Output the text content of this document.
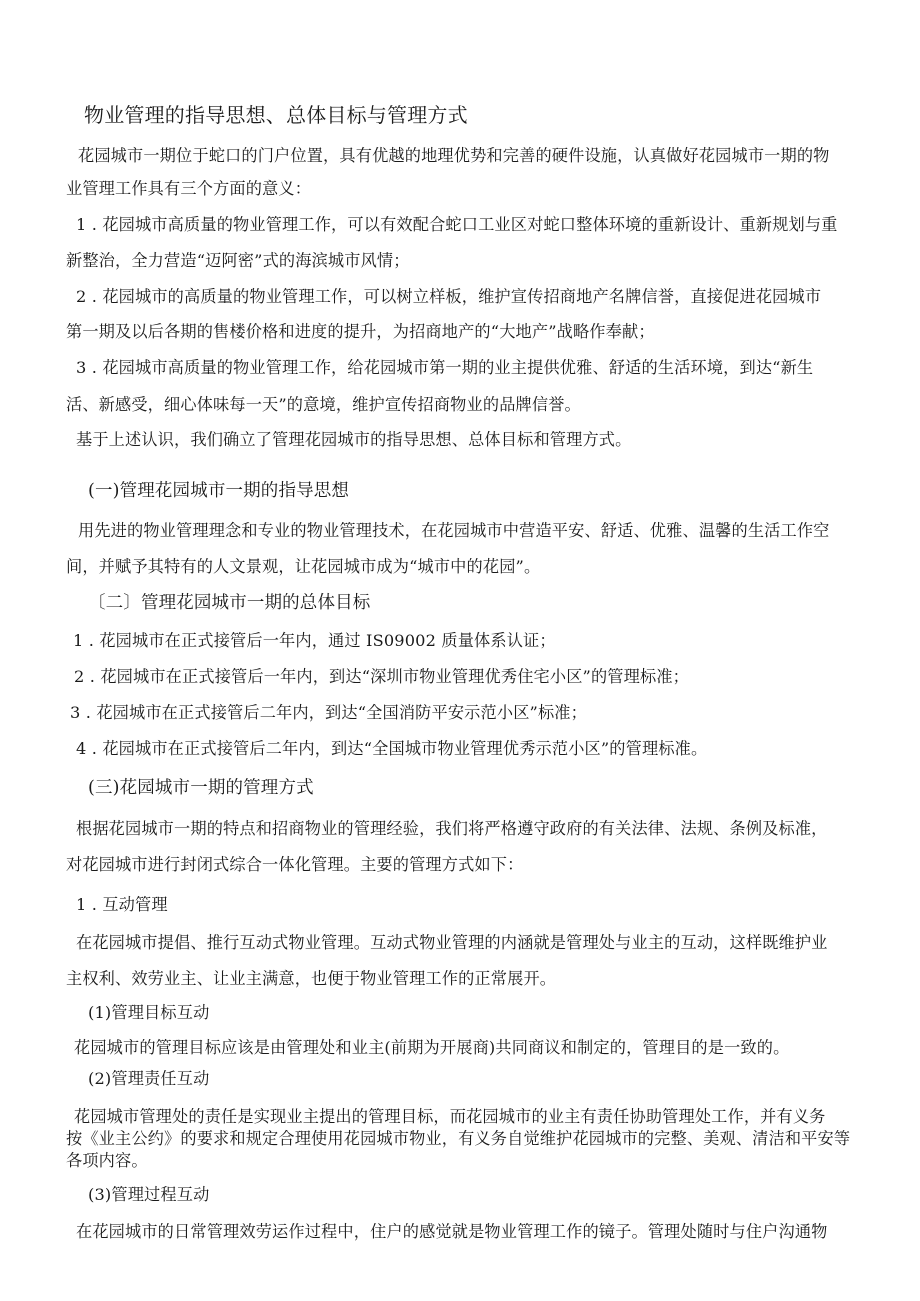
物业管理的指导思想、总体目标与管理方式
花园城市一期位于蛇口的门户位置，具有优越的地理优势和完善的硬件设施，认真做好花园城市一期的物
业管理工作具有三个方面的意义：
1 . 花园城市高质量的物业管理工作，可以有效配合蛇口工业区对蛇口整体环境的重新设计、重新规划与重
新整治，全力营造“迈阿密”式的海滨城市风情；
2 . 花园城市的高质量的物业管理工作，可以树立样板，维护宣传招商地产名牌信誉，直接促进花园城市
第一期及以后各期的售楼价格和进度的提升，为招商地产的“大地产”战略作奉献；
3 . 花园城市高质量的物业管理工作，给花园城市第一期的业主提供优雅、舒适的生活环境，到达“新生
活、新感受，细心体味每一天”的意境，维护宣传招商物业的品牌信誉。
基于上述认识，我们确立了管理花园城市的指导思想、总体目标和管理方式。
(一)管理花园城市一期的指导思想
用先进的物业管理理念和专业的物业管理技术，在花园城市中营造平安、舒适、优雅、温馨的生活工作空
间，并赋予其特有的人文景观，让花园城市成为“城市中的花园”。
〔二〕管理花园城市一期的总体目标
1 . 花园城市在正式接管后一年内，通过 IS09002 质量体系认证；
2 . 花园城市在正式接管后一年内，到达“深圳市物业管理优秀住宅小区”的管理标准；
3 . 花园城市在正式接管后二年内，到达“全国消防平安示范小区”标准；
4 . 花园城市在正式接管后二年内，到达“全国城市物业管理优秀示范小区”的管理标准。
(三)花园城市一期的管理方式
根据花园城市一期的特点和招商物业的管理经验，我们将严格遵守政府的有关法律、法规、条例及标准，
对花园城市进行封闭式综合一体化管理。主要的管理方式如下：
1 . 互动管理
在花园城市提倡、推行互动式物业管理。互动式物业管理的内涵就是管理处与业主的互动，这样既维护业
主权利、效劳业主、让业主满意，也便于物业管理工作的正常展开。
(1)管理目标互动
花园城市的管理目标应该是由管理处和业主(前期为开展商)共同商议和制定的，管理目的是一致的。
(2)管理责任互动
花园城市管理处的责任是实现业主提出的管理目标，而花园城市的业主有责任协助管理处工作，并有义务
按《业主公约》的要求和规定合理使用花园城市物业，有义务自觉维护花园城市的完整、美观、清洁和平安等
各项内容。
(3)管理过程互动
在花园城市的日常管理效劳运作过程中，住户的感觉就是物业管理工作的镜子。管理处随时与住户沟通物
